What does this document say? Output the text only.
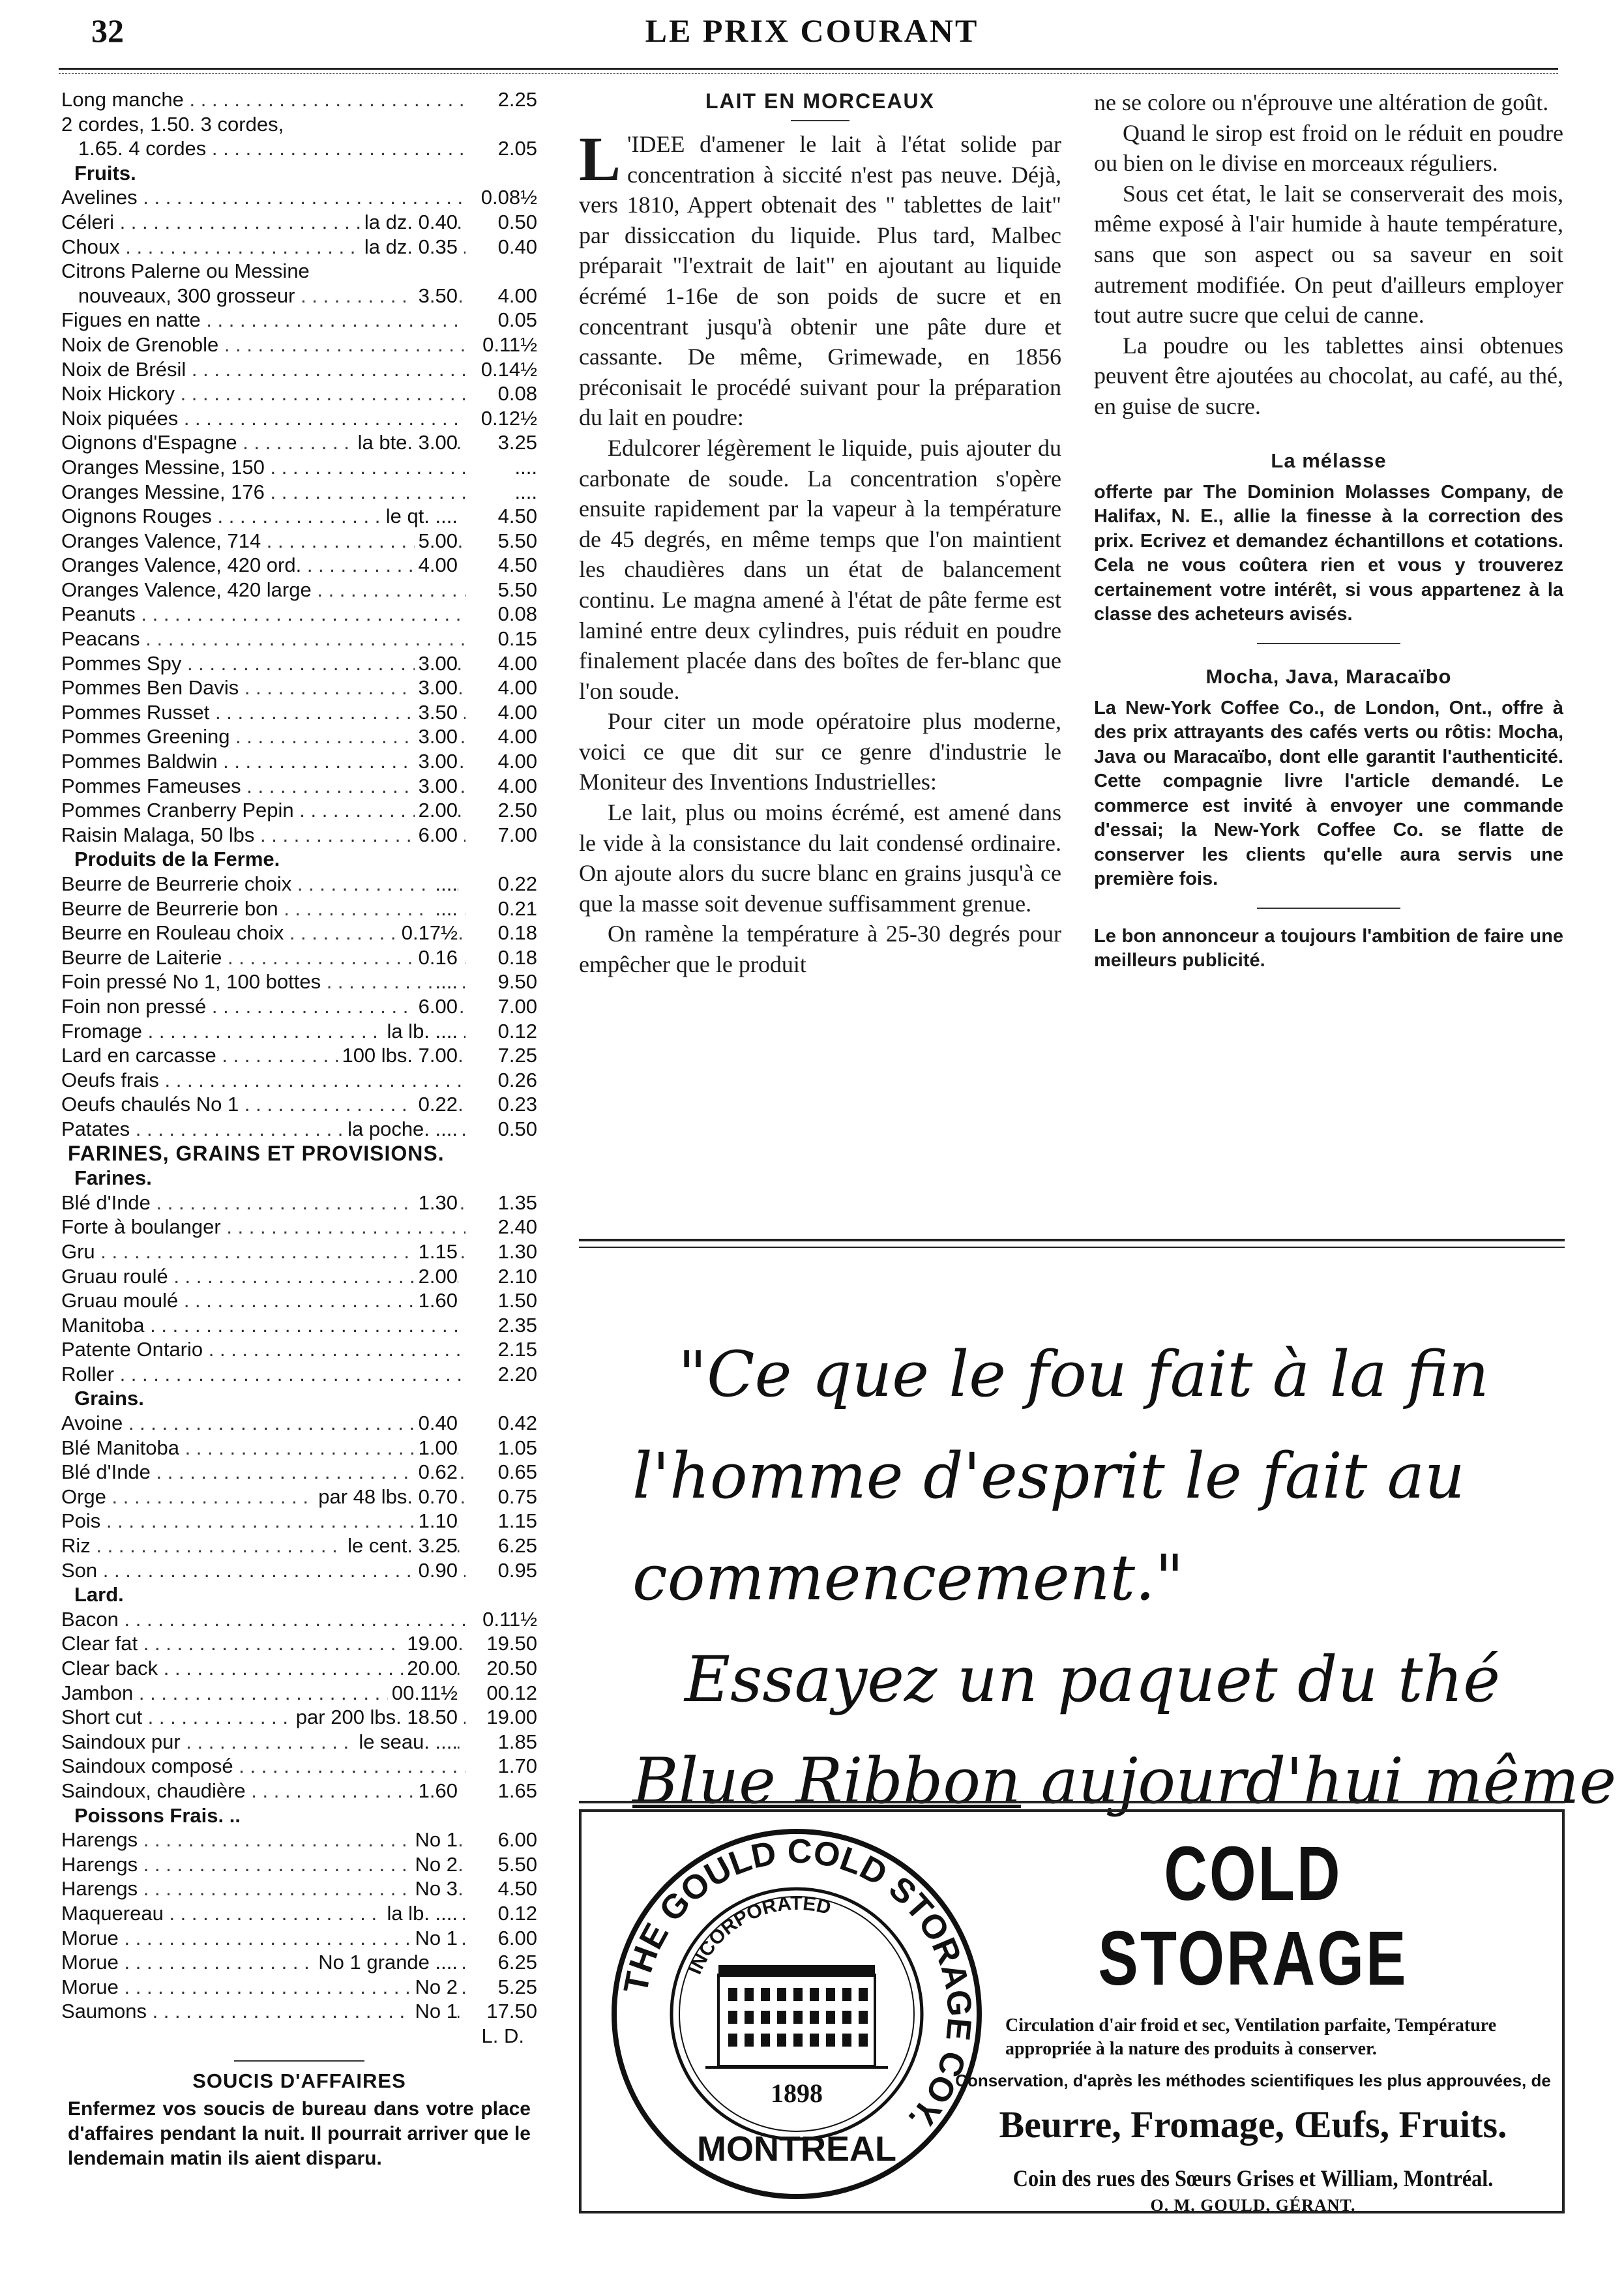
32	LE PRIX COURANT
Long manche . . .	2.25
2 cordes, 1.50. 3 cordes,
1.65. 4 cordes . . .	2.05
Fruits.
Avelines . . .	0.08½
Céleri . . .	la dz. 0.40	0.50
Choux . . .	la dz. 0.35	0.40
Citrons Palerne ou Messine
nouveaux, 300 grosseur . . .	3.50	4.00
Figues en natte . . .	0.05
Noix de Grenoble . . .	0.11½
Noix de Brésil . . .	0.14½
Noix Hickory . . .	0.08
Noix piquées . . .	0.12½
Oignons d'Espagne . . .	la bte. 3.00	3.25
Oranges Messine, 150 . . .	....
Oranges Messine, 176 . . .	....
Oignons Rouges . . .	le qt. ....	4.50
Oranges Valence, 714 . . .	5.00	5.50
Oranges Valence, 420 ord. . . .	4.00	4.50
Oranges Valence, 420 large . . .	5.50
Peanuts . . .	0.08
Peacans . . .	0.15
Pommes Spy . . .	3.00	4.00
Pommes Ben Davis . . .	3.00	4.00
Pommes Russet . . .	3.50	4.00
Pommes Greening . . .	3.00	4.00
Pommes Baldwin . . .	3.00	4.00
Pommes Fameuses . . .	3.00	4.00
Pommes Cranberry Pepin . . .	2.00	2.50
Raisin Malaga, 50 lbs . . .	6.00	7.00
Produits de la Ferme.
Beurre de Beurrerie choix . . .	....	0.22
Beurre de Beurrerie bon . . .	....	0.21
Beurre en Rouleau choix . . .	0.17½	0.18
Beurre de Laiterie . . .	0.16	0.18
Foin pressé No 1, 100 bottes . . .	....	9.50
Foin non pressé . . .	6.00	7.00
Fromage . . .	la lb. ....	0.12
Lard en carcasse . . .	100 lbs. 7.00	7.25
Oeufs frais . . .	0.26
Oeufs chaulés No 1 . . .	0.22	0.23
Patates . . .	la poche. ....	0.50
FARINES, GRAINS ET PROVISIONS.
Farines.
Blé d'Inde . . .	1.30	1.35
Forte à boulanger . . .	2.40
Gru . . .	1.15	1.30
Gruau roulé . . .	2.00	2.10
Gruau moulé . . .	1.60	1.50
Manitoba . . .	2.35
Patente Ontario . . .	2.15
Roller . . .	2.20
Grains.
Avoine . . .	0.40	0.42
Blé Manitoba . . .	1.00	1.05
Blé d'Inde . . .	0.62	0.65
Orge . . .	par 48 lbs. 0.70	0.75
Pois . . .	1.10	1.15
Riz . . .	le cent. 3.25	6.25
Son . . .	0.90	0.95
Lard.
Bacon . . .	0.11½
Clear fat . . .	19.00	19.50
Clear back . . .	20.00	20.50
Jambon . . .	00.11½	00.12
Short cut . . .	par 200 lbs. 18.50	19.00
Saindoux pur . . .	le seau. ....	1.85
Saindoux composé . . .	1.70
Saindoux, chaudière . . .	1.60	1.65
Poissons Frais. ..
Harengs . . .	No 1	6.00
Harengs . . .	No 2	5.50
Harengs . . .	No 3	4.50
Maquereau . . .	la lb. ....	0.12
Morue . . .	No 1	6.00
Morue . . .	No 1 grande ....	6.25
Morue . . .	No 2	5.25
Saumons . . .	No 1	17.50
L. D.
SOUCIS D'AFFAIRES
Enfermez vos soucis de bureau dans votre place d'affaires pendant la nuit. Il pourrait arriver que le lendemain matin ils aient disparu.
LAIT EN MORCEAUX

L 'IDEE d'amener le lait à l'état solide par concentration à siccité n'est pas neuve. Déjà, vers 1810, Appert obtenait des " tablettes de lait" par dissiccation du liquide. Plus tard, Malbec préparait "l'extrait de lait" en ajoutant au liquide écrémé 1-16e de son poids de sucre et en concentrant jusqu'à obtenir une pâte dure et cassante. De même, Grimewade, en 1856 préconisait le procédé suivant pour la préparation du lait en poudre:

Edulcorer légèrement le liquide, puis ajouter du carbonate de soude. La concentration s'opère ensuite rapidement par la vapeur à la température de 45 degrés, en même temps que l'on maintient les chaudières dans un état de balancement continu. Le magna amené à l'état de pâte ferme est laminé entre deux cylindres, puis réduit en poudre finalement placée dans des boîtes de fer-blanc que l'on soude.

Pour citer un mode opératoire plus moderne, voici ce que dit sur ce genre d'industrie le Moniteur des Inventions Industrielles:

Le lait, plus ou moins écrémé, est amené dans le vide à la consistance du lait condensé ordinaire. On ajoute alors du sucre blanc en grains jusqu'à ce que la masse soit devenue suffisamment grenue.

On ramène la température à 25-30 degrés pour empêcher que le produit

ne se colore ou n'éprouve une altération de goût.

Quand le sirop est froid on le réduit en poudre ou bien on le divise en morceaux réguliers.

Sous cet état, le lait se conserverait des mois, même exposé à l'air humide à haute température, sans que son aspect ou sa saveur en soit autrement modifiée. On peut d'ailleurs employer tout autre sucre que celui de canne.

La poudre ou les tablettes ainsi obtenues peuvent être ajoutées au chocolat, au café, au thé, en guise de sucre.

La mélasse
offerte par The Dominion Molasses Company, de Halifax, N. E., allie la finesse à la correction des prix. Ecrivez et demandez échantillons et cotations. Cela ne vous coûtera rien et vous y trouverez certainement votre intérêt, si vous appartenez à la classe des acheteurs avisés.
Mocha, Java, Maracaïbo
La New-York Coffee Co., de London, Ont., offre à des prix attrayants des cafés verts ou rôtis: Mocha, Java ou Maracaïbo, dont elle garantit l'authenticité. Cette compagnie livre l'article demandé. Le commerce est invité à envoyer une commande d'essai; la New-York Coffee Co. se flatte de conserver les clients qu'elle aura servis une première fois.
Le bon annonceur a toujours l'ambition de faire une meilleurs publicité.
"Ce que le fou fait à la fin
l'homme d'esprit le fait au
commencement."
Essayez un paquet du thé
Blue Ribbon aujourd'hui même
THE GOULD COLD STORAGE COY.
INCORPORATED
1898
MONTREAL
COLD STORAGE
Circulation d'air froid et sec, Ventilation parfaite, Température appropriée à la nature des produits à conserver.
Conservation, d'après les méthodes scientifiques les plus approuvées, de
Beurre, Fromage, Œufs, Fruits.
Coin des rues des Sœurs Grises et William, Montréal.
O. M. GOULD, GÉRANT.
